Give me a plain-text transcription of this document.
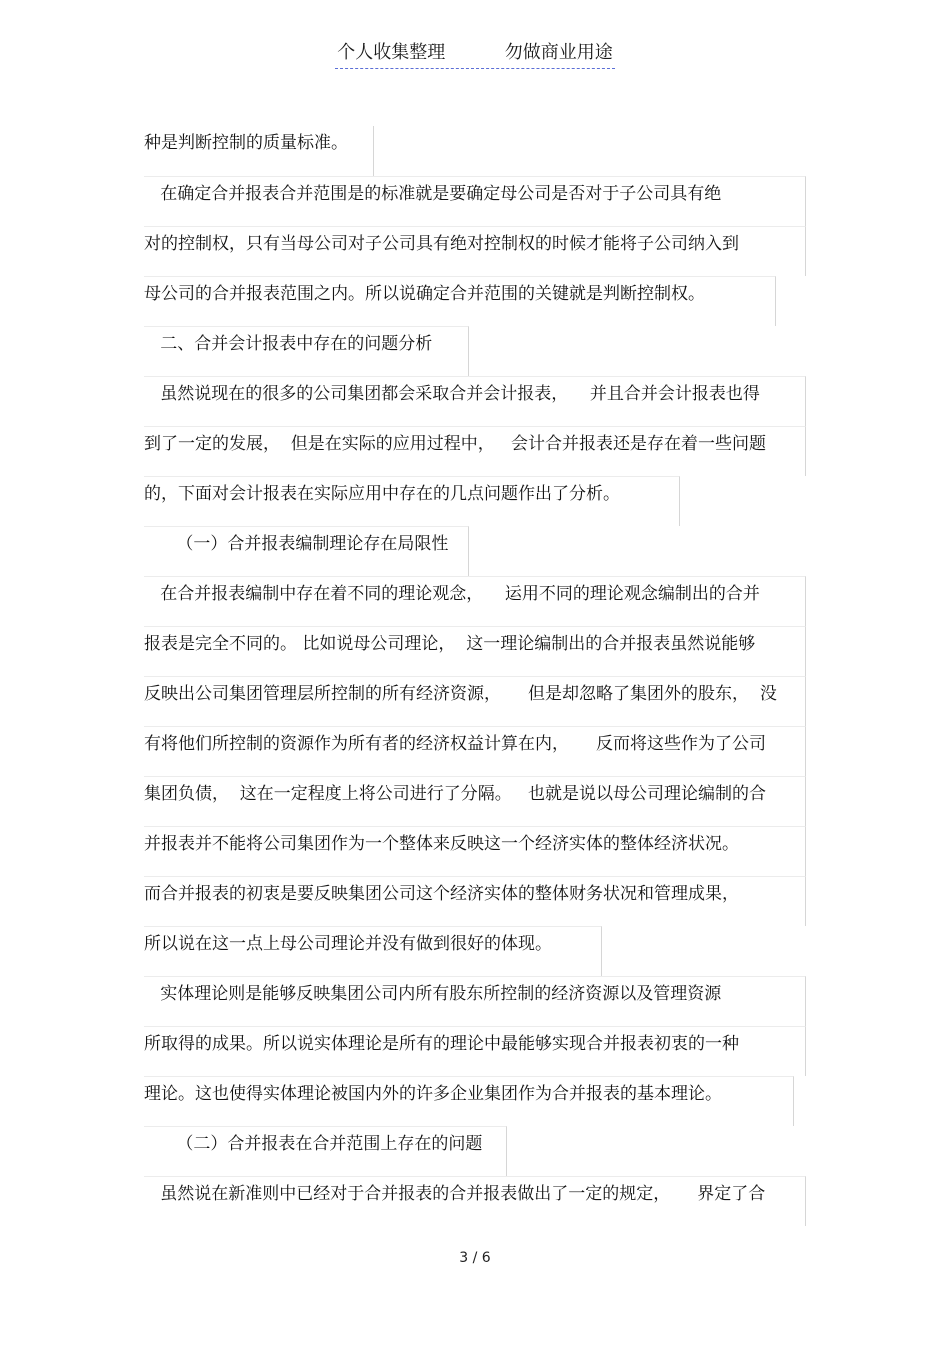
个人收集整理  勿做商业用途
种是判断控制的质量标准。
在确定合并报表合并范围是的标准就是要确定母公司是否对于子公司具有绝
对的控制权，只有当母公司对子公司具有绝对控制权的时候才能将子公司纳入到
母公司的合并报表范围之内。所以说确定合并范围的关键就是判断控制权。
二、合并会计报表中存在的问题分析
虽然说现在的很多的公司集团都会采取合并会计报表，    并且合并会计报表也得
到了一定的发展，  但是在实际的应用过程中，   会计合并报表还是存在着一些问题
的，下面对会计报表在实际应用中存在的几点问题作出了分析。
（一）合并报表编制理论存在局限性
在合并报表编制中存在着不同的理论观念，    运用不同的理论观念编制出的合并
报表是完全不同的。 比如说母公司理论，  这一理论编制出的合并报表虽然说能够
反映出公司集团管理层所控制的所有经济资源，     但是却忽略了集团外的股东，  没
有将他们所控制的资源作为所有者的经济权益计算在内，     反而将这些作为了公司
集团负债，  这在一定程度上将公司进行了分隔。   也就是说以母公司理论编制的合
并报表并不能将公司集团作为一个整体来反映这一个经济实体的整体经济状况。
而合并报表的初衷是要反映集团公司这个经济实体的整体财务状况和管理成果，
所以说在这一点上母公司理论并没有做到很好的体现。
实体理论则是能够反映集团公司内所有股东所控制的经济资源以及管理资源
所取得的成果。所以说实体理论是所有的理论中最能够实现合并报表初衷的一种
理论。这也使得实体理论被国内外的许多企业集团作为合并报表的基本理论。
（二）合并报表在合并范围上存在的问题
虽然说在新准则中已经对于合并报表的合并报表做出了一定的规定，     界定了合
3 / 6
